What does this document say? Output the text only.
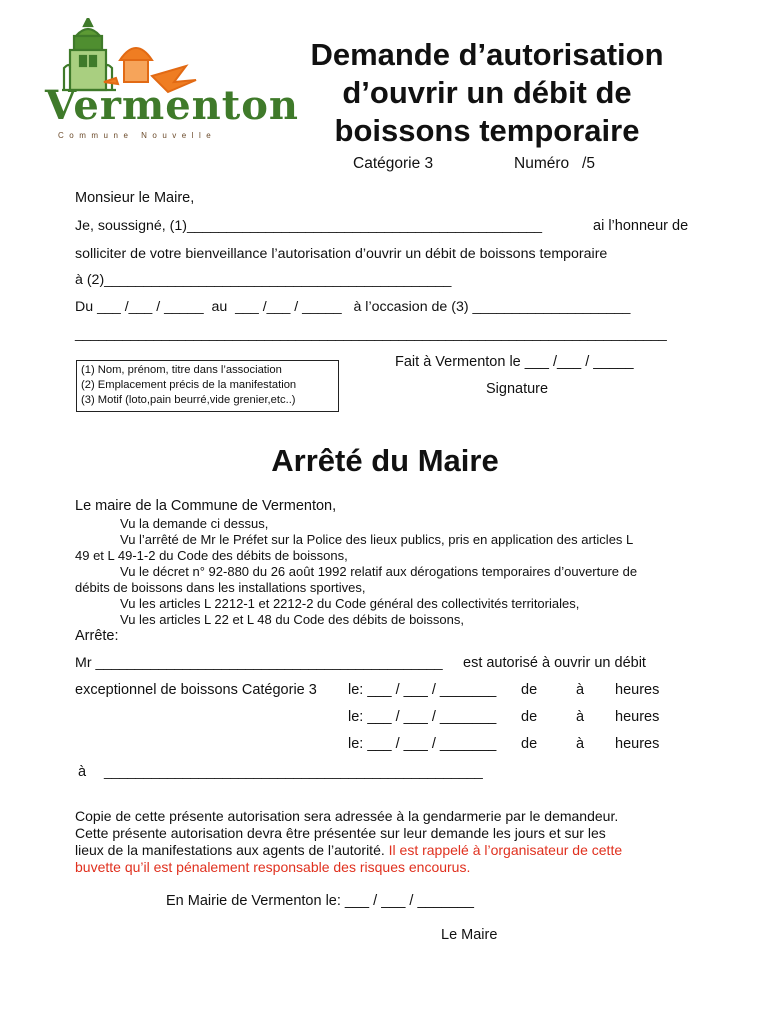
Vermenton
Commune Nouvelle
Demande d’autorisation
d’ouvrir un débit de
boissons temporaire
Catégorie 3	Numéro   /5
Monsieur le Maire,
Je, soussigné, (1)_____________________________________________	ai l’honneur de
solliciter de votre bienveillance l’autorisation d’ouvrir un débit de boissons temporaire
à (2)____________________________________________
Du ___ /___ / _____  au  ___ /___ / _____   à l’occasion de (3) ____________________
___________________________________________________________________________
(1) Nom, prénom, titre dans l’association
(2) Emplacement précis de la manifestation
(3) Motif (loto,pain beurré,vide grenier,etc..)
Fait à Vermenton le ___ /___ / _____
Signature
Arrêté du Maire
Le maire de la Commune de Vermenton,
Vu la demande ci dessus,
Vu l’arrêté de Mr le Préfet sur la Police des lieux publics, pris en application des articles L
49 et L 49-1-2 du Code des débits de boissons,
Vu le décret n° 92-880 du 26 août 1992 relatif aux dérogations temporaires d’ouverture de
débits de boissons dans les installations sportives,
Vu les articles L 2212-1 et 2212-2 du Code général des collectivités territoriales,
Vu les articles L 22 et L 48 du Code des débits de boissons,
Arrête:
Mr ____________________________________________ est autorisé à ouvrir un débit
exceptionnel de boissons Catégorie 3 le: ___ / ___ / _______ de	à heures
le: ___ / ___ / _______ de	à heures
le: ___ / ___ / _______ de	à heures
à ________________________________________________
Copie de cette présente autorisation sera adressée à la gendarmerie par le demandeur.
Cette présente autorisation devra être présentée sur leur demande les jours et sur les
lieux de la manifestations aux agents de l’autorité. Il est rappelé à l’organisateur de cette
buvette qu’il est pénalement responsable des risques encourus.
En Mairie de Vermenton le: ___ / ___ / _______
Le Maire
